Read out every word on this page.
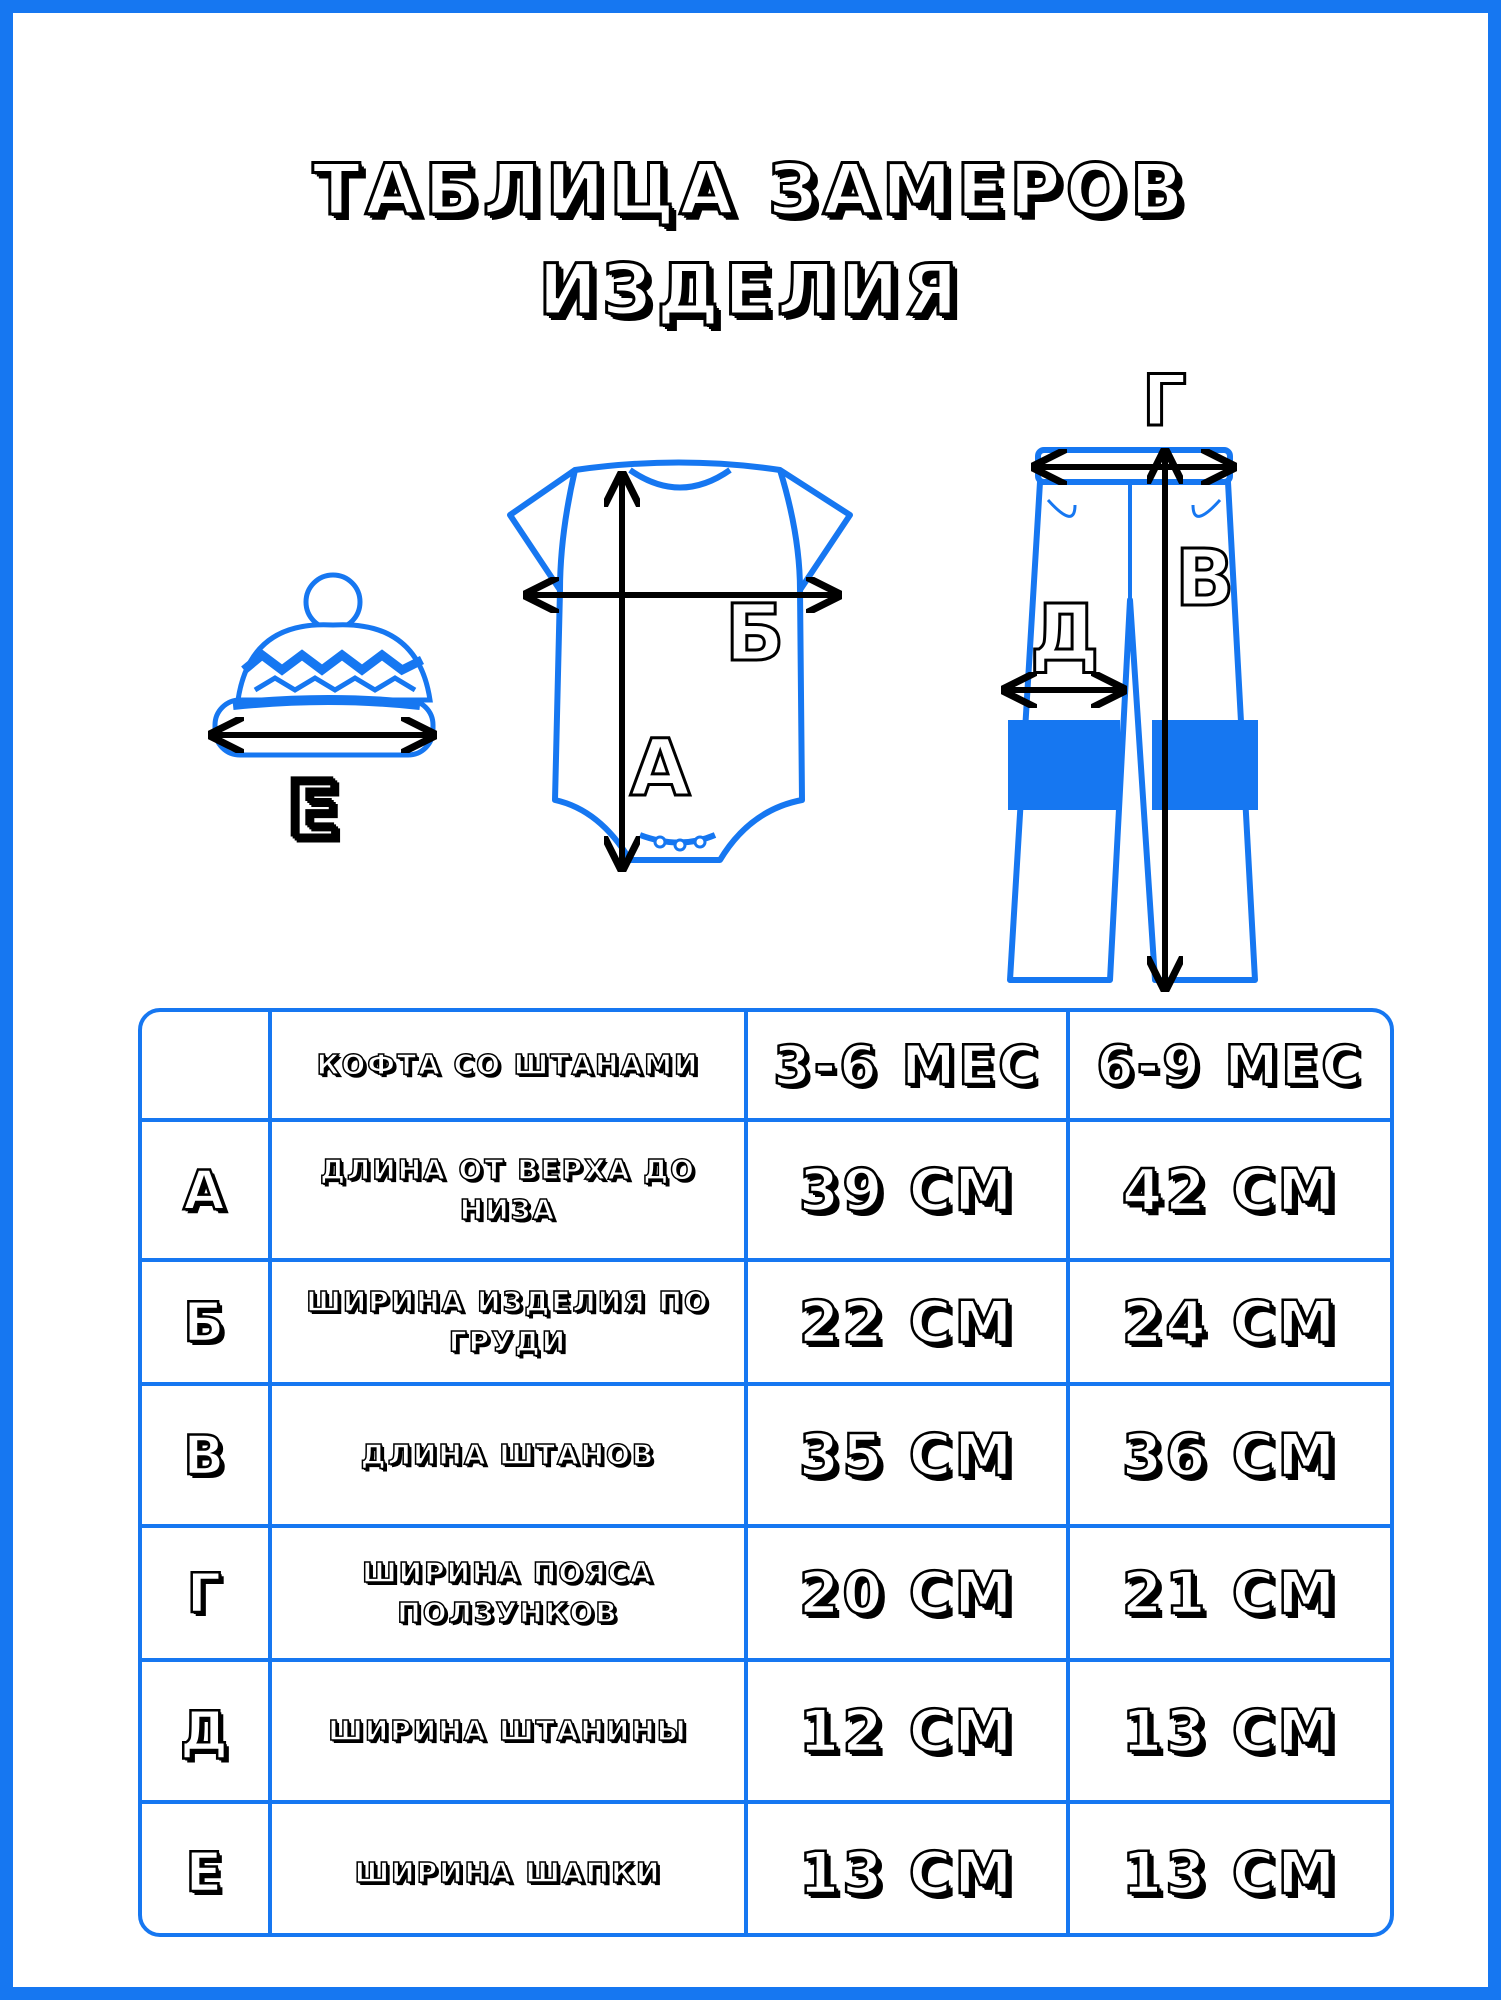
ТАБЛИЦА ЗАМЕРОВ
ИЗДЕЛИЯ
Е
Б
А
Г
В
Д
	КОФТА СО ШТАНАМИ	3-6 МЕС	6-9 МЕС
А	ДЛИНА ОТ ВЕРХА ДО НИЗА	39 СМ	42 СМ
Б	ШИРИНА ИЗДЕЛИЯ ПО ГРУДИ	22 СМ	24 СМ
В	ДЛИНА ШТАНОВ	35 СМ	36 СМ
Г	ШИРИНА ПОЯСА ПОЛЗУНКОВ	20 СМ	21 СМ
Д	ШИРИНА ШТАНИНЫ	12 СМ	13 СМ
Е	ШИРИНА ШАПКИ	13 СМ	13 СМ
